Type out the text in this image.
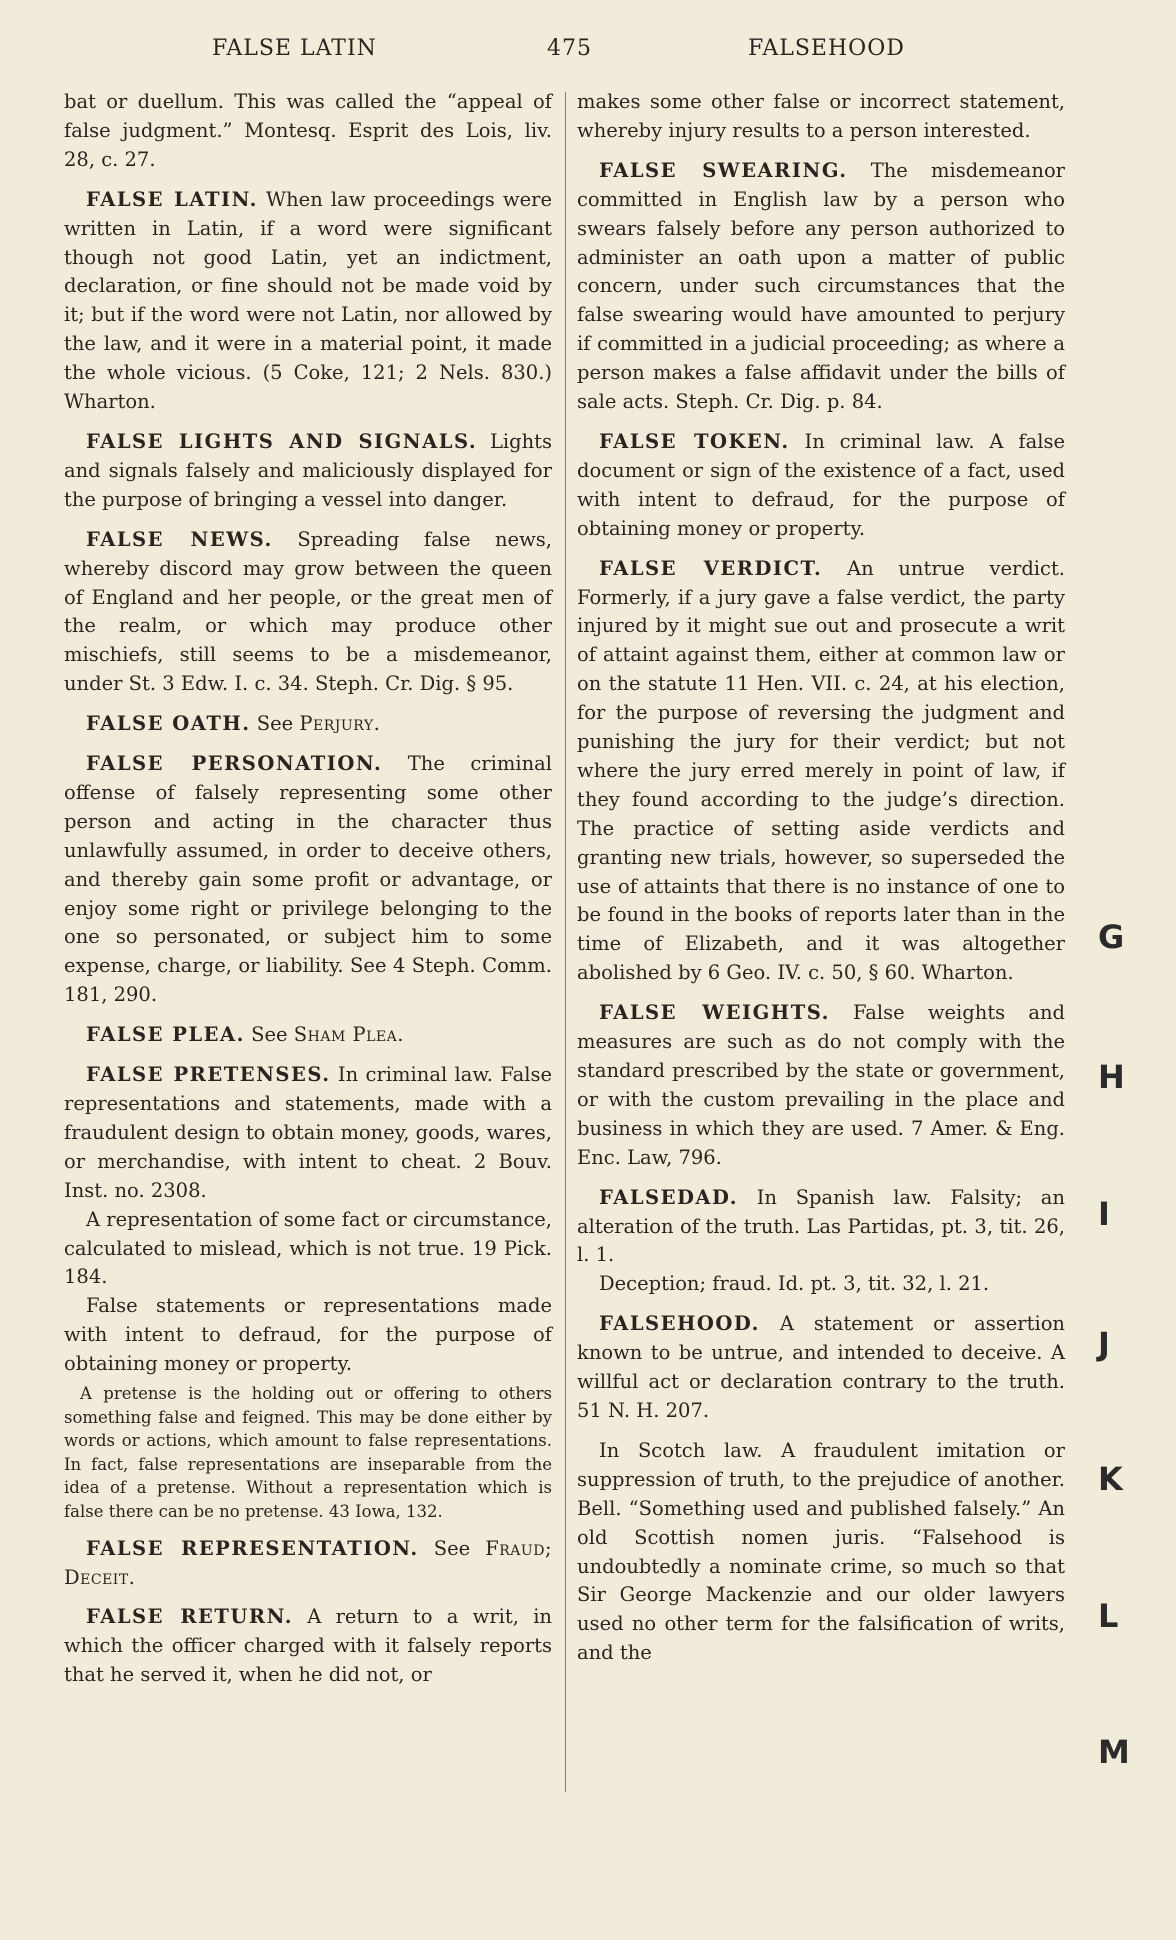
FALSE LATIN	475	FALSEHOOD

bat or duellum. This was called the “appeal of false judgment.” Montesq. Esprit des Lois, liv. 28, c. 27.

FALSE LATIN. When law proceedings were written in Latin, if a word were significant though not good Latin, yet an indictment, declaration, or fine should not be made void by it; but if the word were not Latin, nor allowed by the law, and it were in a material point, it made the whole vicious. (5 Coke, 121; 2 Nels. 830.) Wharton.

FALSE LIGHTS AND SIGNALS. Lights and signals falsely and maliciously displayed for the purpose of bringing a vessel into danger.

FALSE NEWS. Spreading false news, whereby discord may grow between the queen of England and her people, or the great men of the realm, or which may produce other mischiefs, still seems to be a misdemeanor, under St. 3 Edw. I. c. 34. Steph. Cr. Dig. § 95.

FALSE OATH. See Perjury.

FALSE PERSONATION. The criminal offense of falsely representing some other person and acting in the character thus unlawfully assumed, in order to deceive others, and thereby gain some profit or advantage, or enjoy some right or privilege belonging to the one so personated, or subject him to some expense, charge, or liability. See 4 Steph. Comm. 181, 290.

FALSE PLEA. See Sham Plea.

FALSE PRETENSES. In criminal law. False representations and statements, made with a fraudulent design to obtain money, goods, wares, or merchandise, with intent to cheat. 2 Bouv. Inst. no. 2308.

A representation of some fact or circumstance, calculated to mislead, which is not true. 19 Pick. 184.

False statements or representations made with intent to defraud, for the purpose of obtaining money or property.

A pretense is the holding out or offering to others something false and feigned. This may be done either by words or actions, which amount to false representations. In fact, false representations are inseparable from the idea of a pretense. Without a representation which is false there can be no pretense. 43 Iowa, 132.

FALSE REPRESENTATION. See Fraud; Deceit.

FALSE RETURN. A return to a writ, in which the officer charged with it falsely reports that he served it, when he did not, or

makes some other false or incorrect statement, whereby injury results to a person interested.

FALSE SWEARING. The misdemeanor committed in English law by a person who swears falsely before any person authorized to administer an oath upon a matter of public concern, under such circumstances that the false swearing would have amounted to perjury if committed in a judicial proceeding; as where a person makes a false affidavit under the bills of sale acts. Steph. Cr. Dig. p. 84.

FALSE TOKEN. In criminal law. A false document or sign of the existence of a fact, used with intent to defraud, for the purpose of obtaining money or property.

FALSE VERDICT. An untrue verdict. Formerly, if a jury gave a false verdict, the party injured by it might sue out and prosecute a writ of attaint against them, either at common law or on the statute 11 Hen. VII. c. 24, at his election, for the purpose of reversing the judgment and punishing the jury for their verdict; but not where the jury erred merely in point of law, if they found according to the judge’s direction. The practice of setting aside verdicts and granting new trials, however, so superseded the use of attaints that there is no instance of one to be found in the books of reports later than in the time of Elizabeth, and it was altogether abolished by 6 Geo. IV. c. 50, § 60. Wharton.

FALSE WEIGHTS. False weights and measures are such as do not comply with the standard prescribed by the state or government, or with the custom prevailing in the place and business in which they are used. 7 Amer. & Eng. Enc. Law, 796.

FALSEDAD. In Spanish law. Falsity; an alteration of the truth. Las Partidas, pt. 3, tit. 26, l. 1.

Deception; fraud. Id. pt. 3, tit. 32, l. 21.

FALSEHOOD. A statement or assertion known to be untrue, and intended to deceive. A willful act or declaration contrary to the truth. 51 N. H. 207.

In Scotch law. A fraudulent imitation or suppression of truth, to the prejudice of another. Bell. “Something used and published falsely.” An old Scottish nomen juris. “Falsehood is undoubtedly a nominate crime, so much so that Sir George Mackenzie and our older lawyers used no other term for the falsification of writs, and the

G
H
I
J
K
L
M
